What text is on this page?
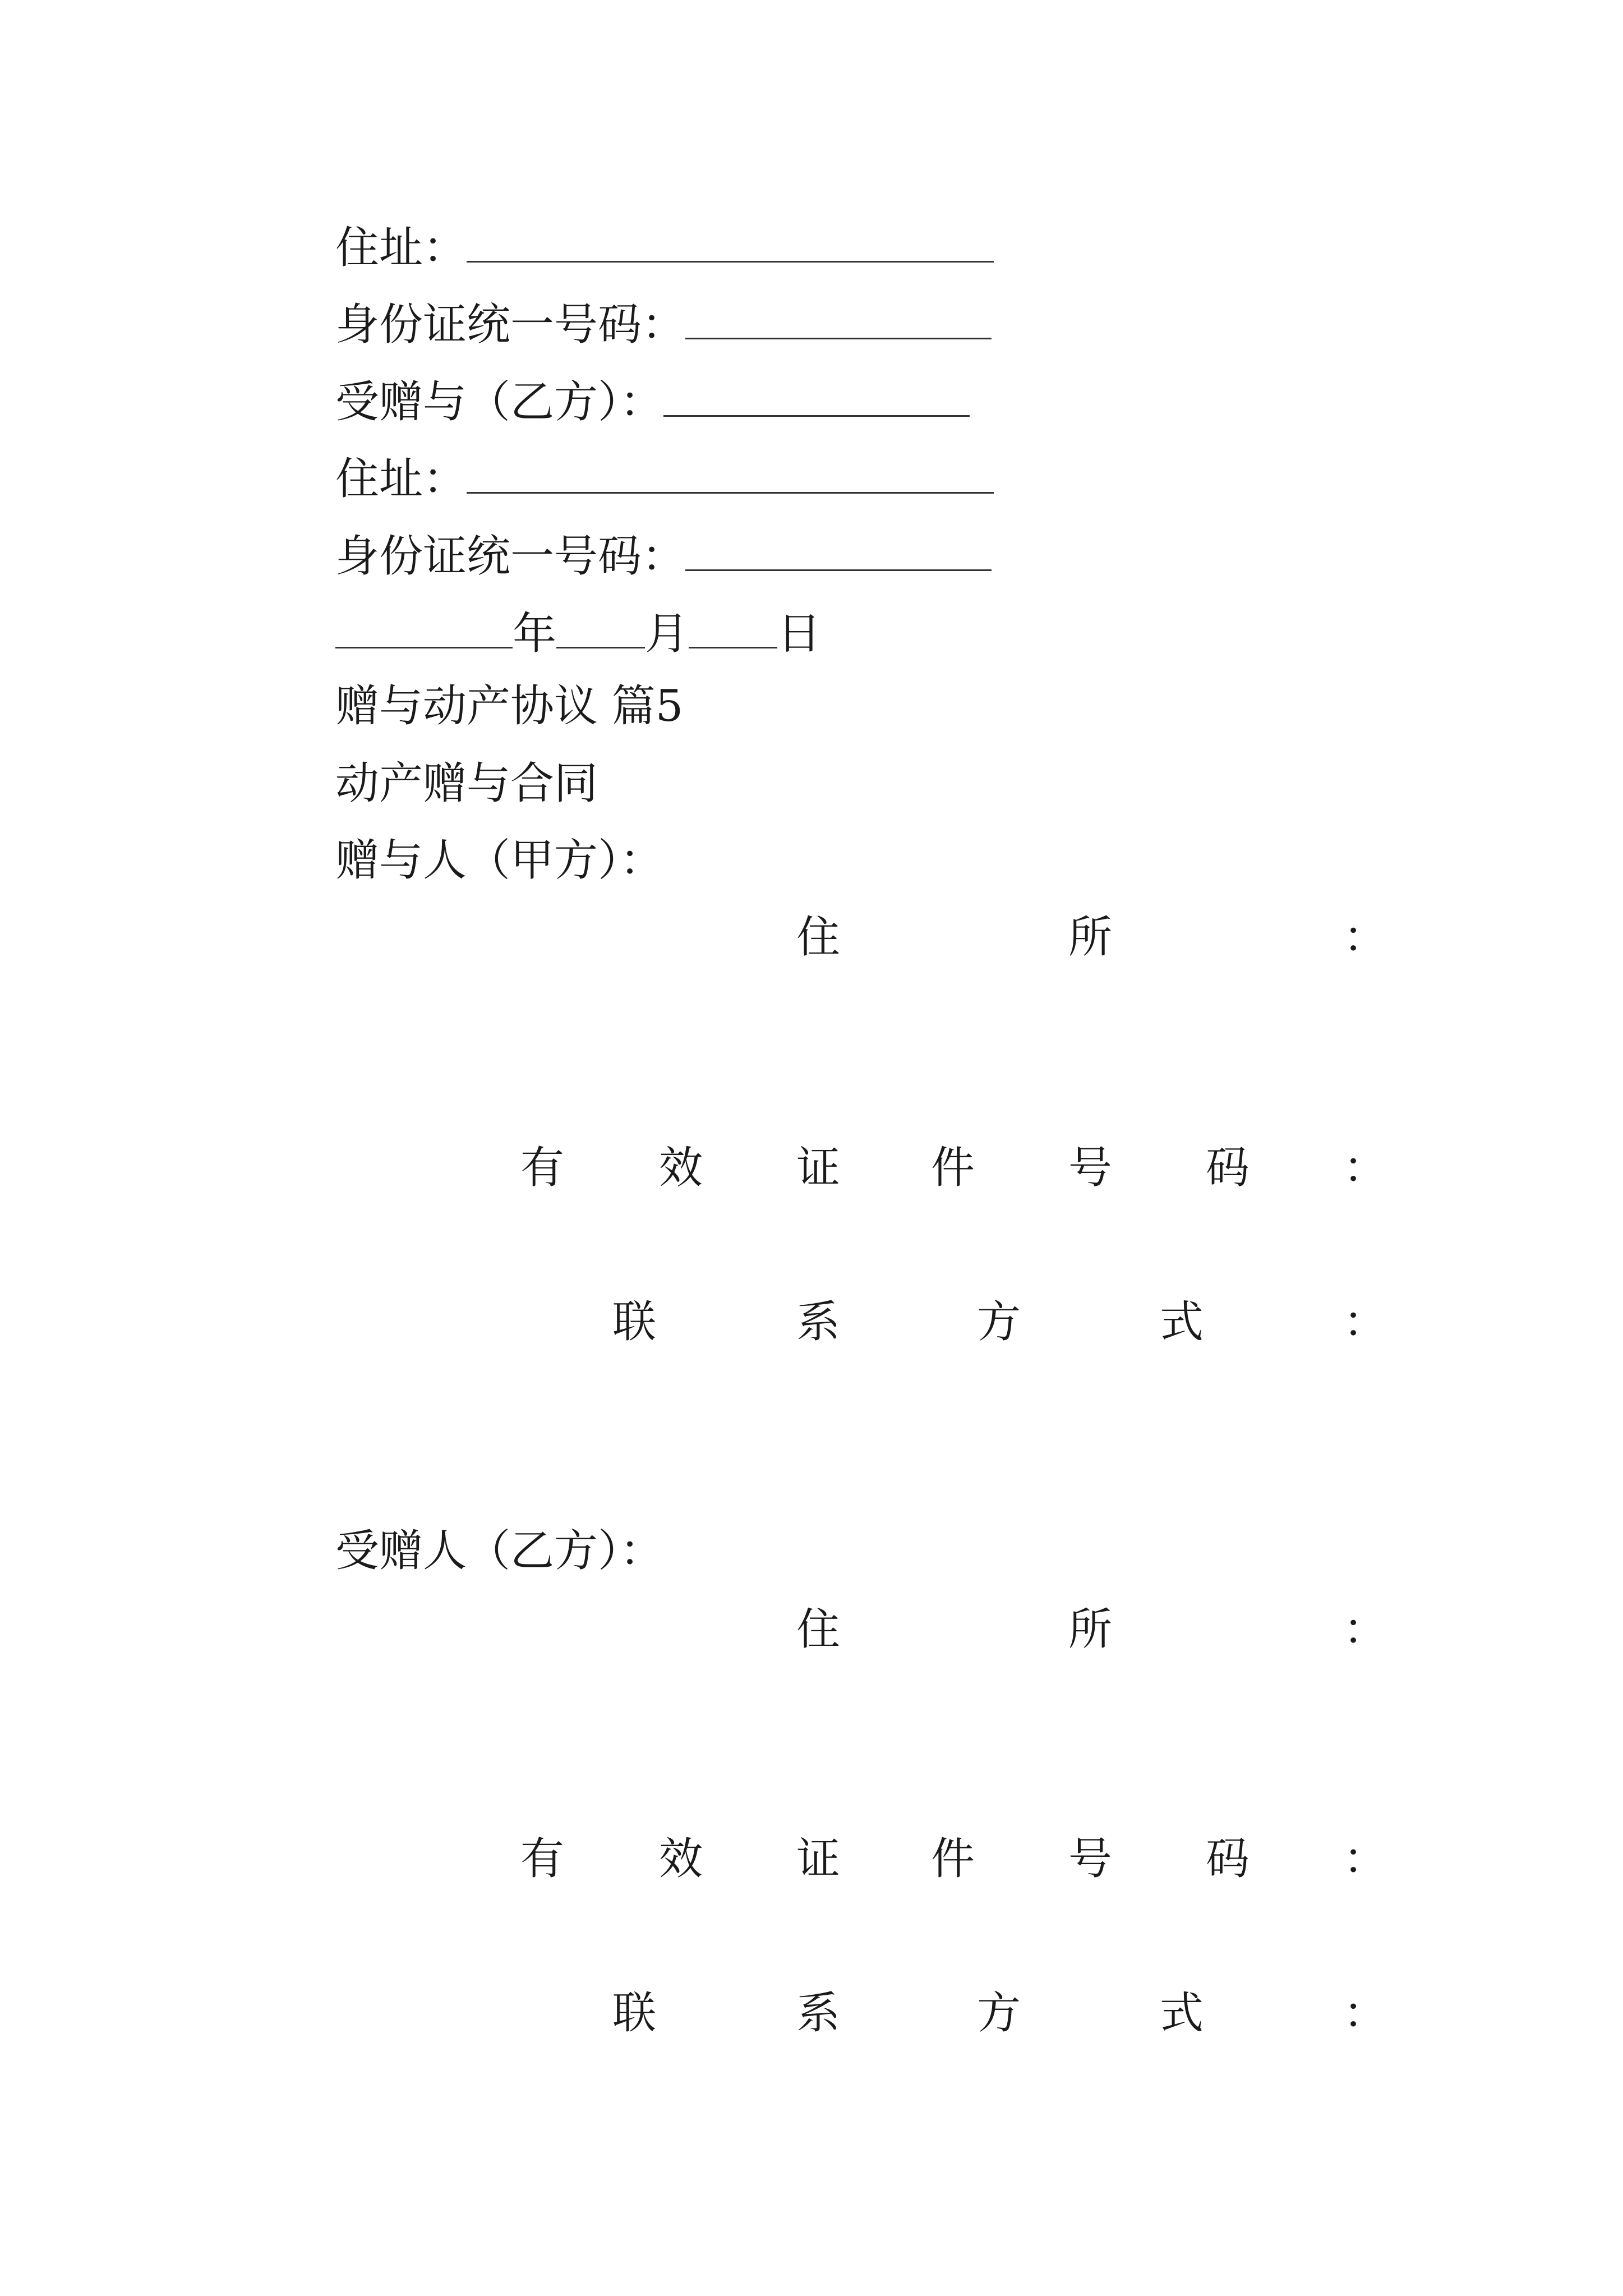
住址：
身份证统一号码：
受赠与（乙方）：
住址：
身份证统一号码：
年 月 日
赠与动产协议 篇5
动产赠与合同
赠与人（甲方）：
住	所	：
有 效 证 件 号 码 ：
联	系	方	式	：
受赠人（乙方）：
住	所	：
有 效 证 件 号 码 ：
联	系	方	式	：
